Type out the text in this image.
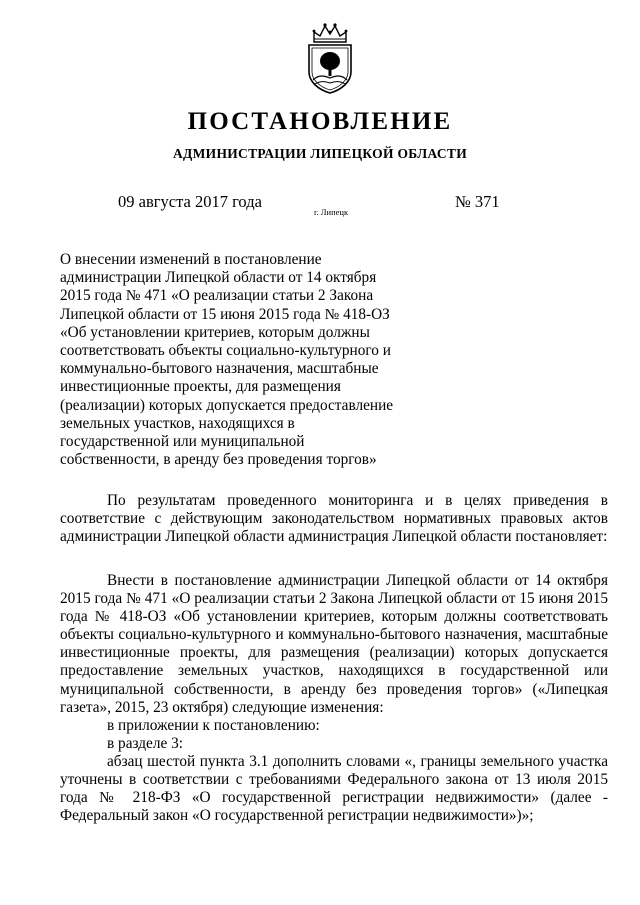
ПОСТАНОВЛЕНИЕ
АДМИНИСТРАЦИИ ЛИПЕЦКОЙ ОБЛАСТИ
09 августа 2017 года
г. Липецк
№ 371
О внесении изменений в постановление
администрации Липецкой области от 14 октября
2015 года № 471 «О реализации статьи 2 Закона
Липецкой области от 15 июня 2015 года № 418-ОЗ
«Об установлении критериев, которым должны
соответствовать объекты социально-культурного и
коммунально-бытового назначения, масштабные
инвестиционные проекты, для размещения
(реализации) которых допускается предоставление
земельных участков, находящихся в
государственной или муниципальной
собственности, в аренду без проведения торгов»
По результатам проведенного мониторинга и в целях приведения в соответствие с действующим законодательством нормативных правовых актов администрации Липецкой области администрация Липецкой области постановляет:
Внести в постановление администрации Липецкой области от 14 октября 2015 года № 471 «О реализации статьи 2 Закона Липецкой области от 15 июня 2015 года № 418-ОЗ «Об установлении критериев, которым должны соответствовать объекты социально-культурного и коммунально-бытового назначения, масштабные инвестиционные проекты, для размещения (реализации) которых допускается предоставление земельных участков, находящихся в государственной или муниципальной собственности, в аренду без проведения торгов» («Липецкая газета», 2015, 23 октября) следующие изменения:
в приложении к постановлению:
в разделе 3:
абзац шестой пункта 3.1 дополнить словами «, границы земельного участка уточнены в соответствии с требованиями Федерального закона от 13 июля 2015 года № 218-ФЗ «О государственной регистрации недвижимости» (далее - Федеральный закон «О государственной регистрации недвижимости»)»;
